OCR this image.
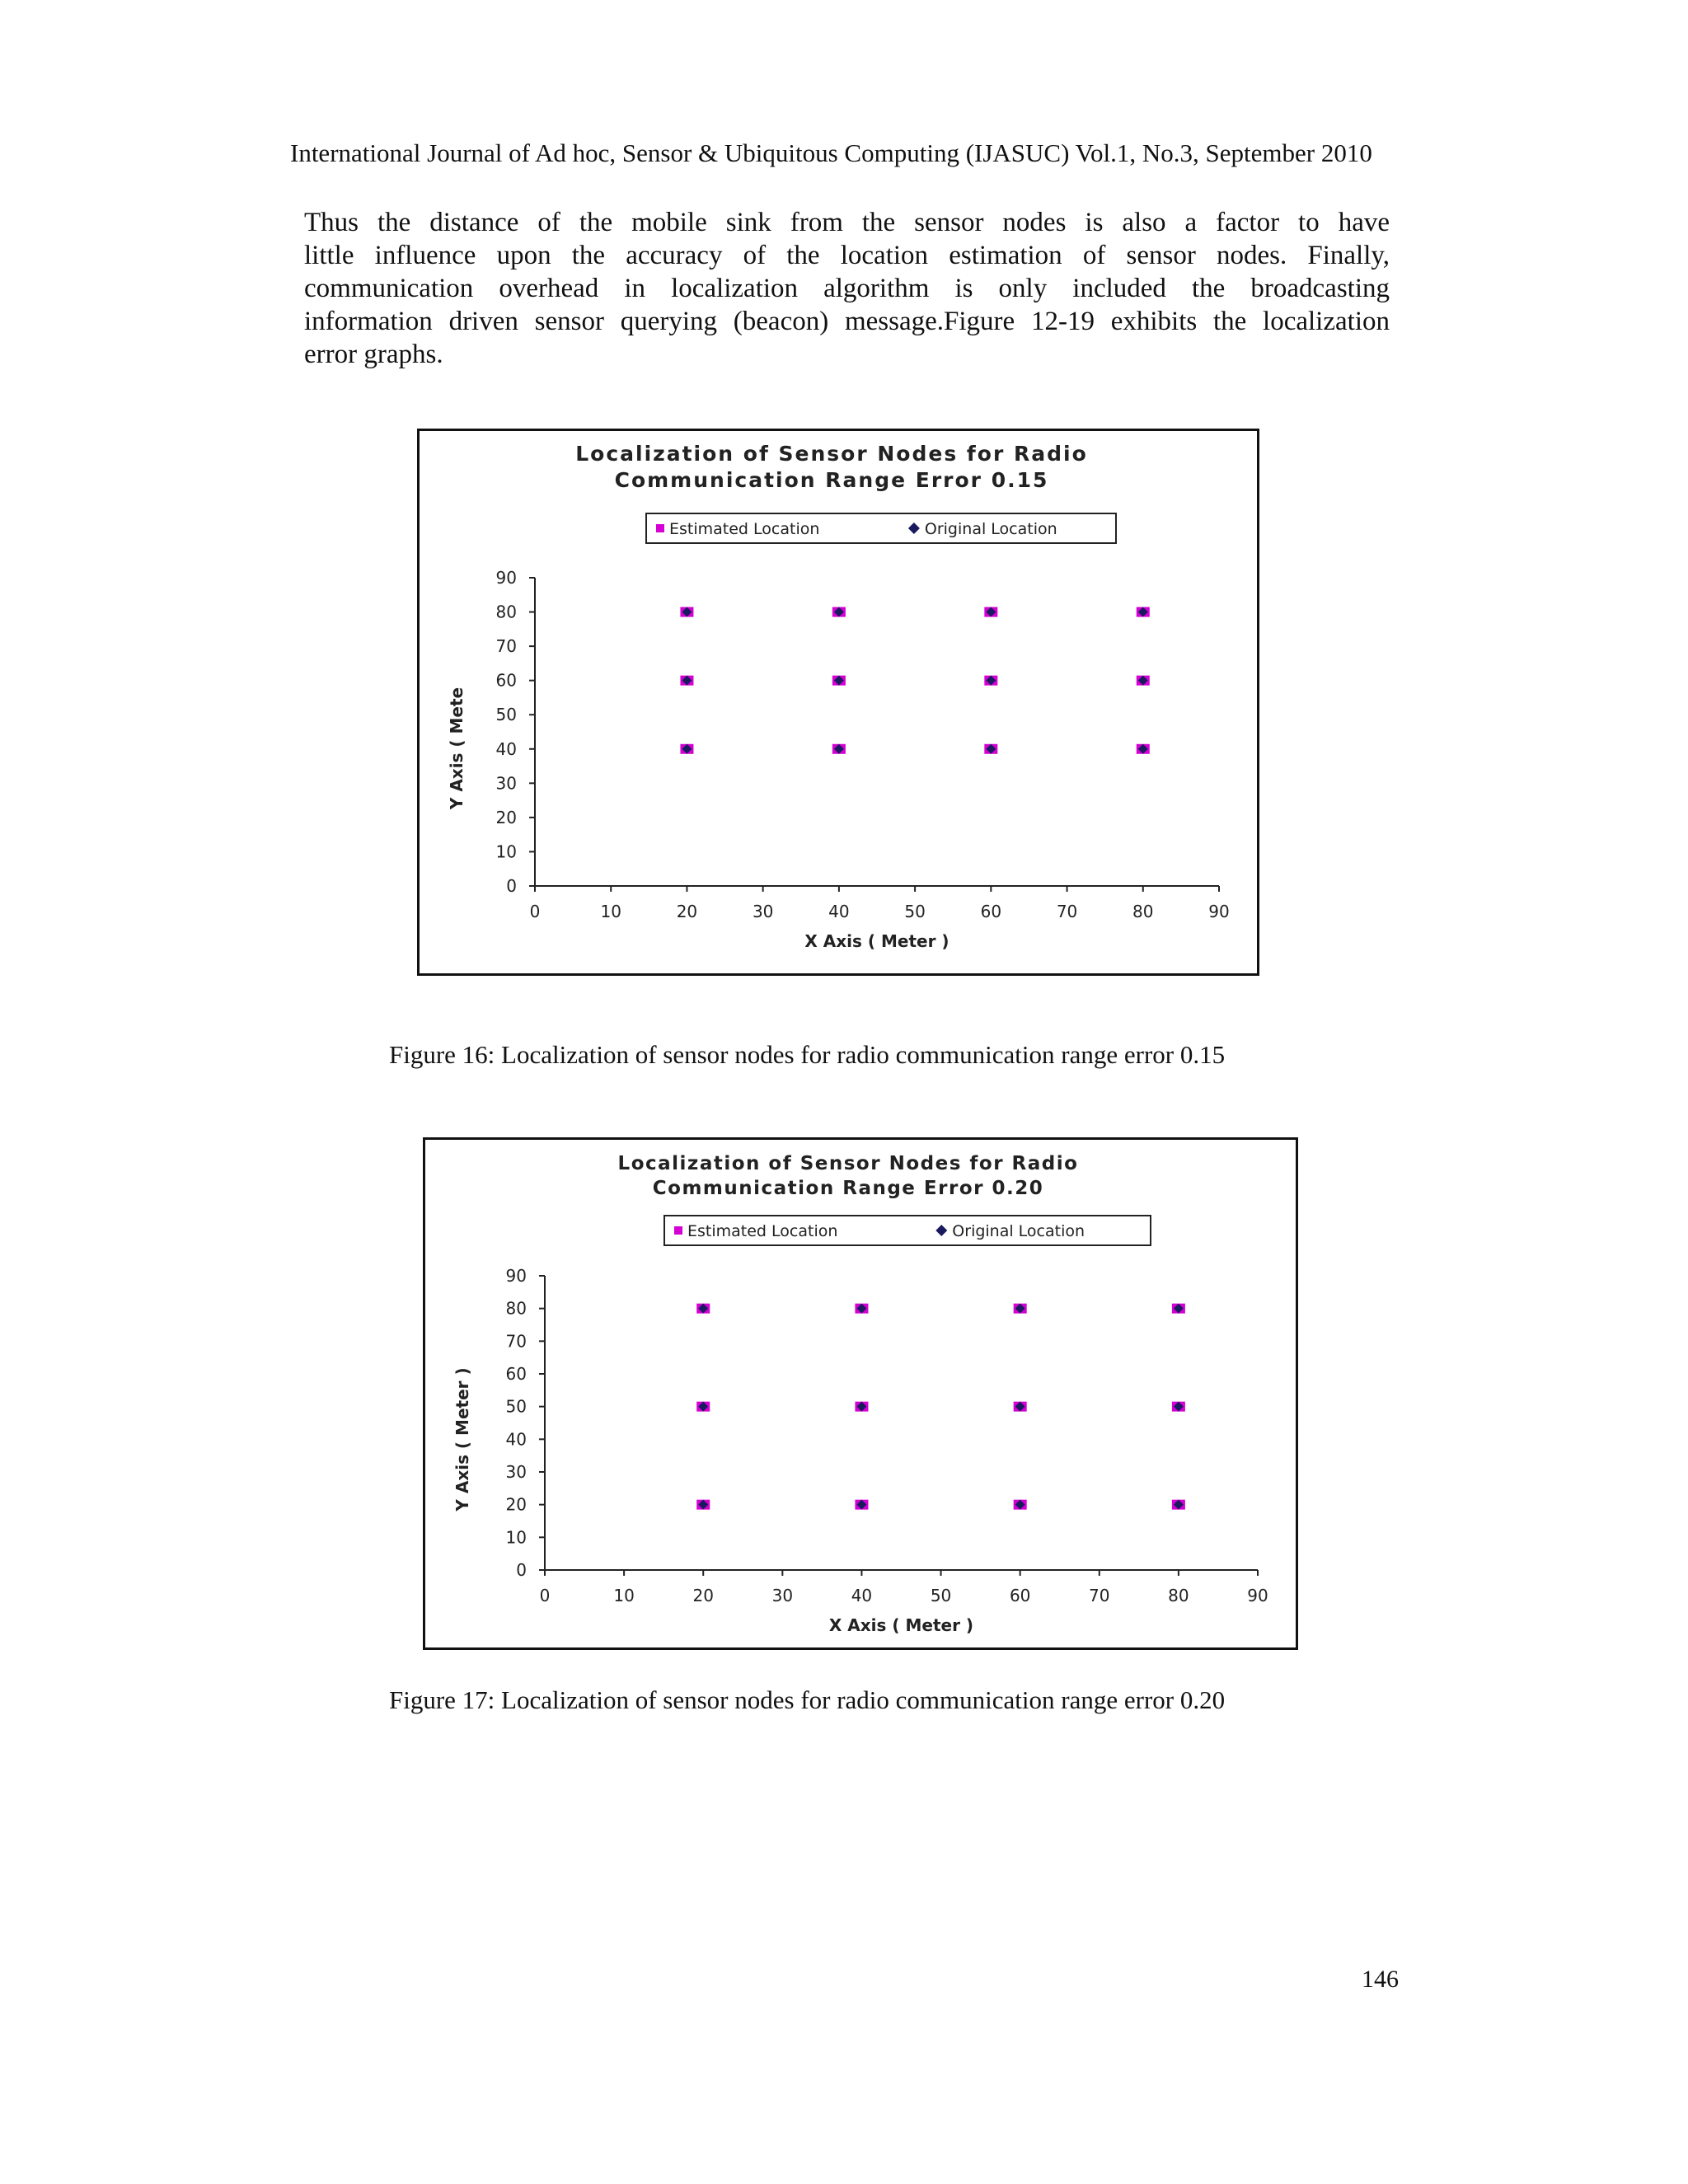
International Journal of Ad hoc, Sensor & Ubiquitous Computing (IJASUC) Vol.1, No.3, September 2010
Thus the distance of the mobile sink from the sensor nodes is also a factor to have
little influence upon the accuracy of the location estimation of sensor nodes. Finally,
communication overhead in localization algorithm is only included the broadcasting
information driven sensor querying (beacon) message.Figure 12-19 exhibits the localization
error graphs.
Localization of Sensor Nodes for Radio
Communication Range Error 0.15
Estimated Location	Original Location
0	10	20	30	40	50	60	70	80	90
0
10
20
30
40
50
60
70
80
90
X Axis ( Meter )
Y Axis ( Mete
Figure 16: Localization of sensor nodes for radio communication range error 0.15
Localization of Sensor Nodes for Radio
Communication Range Error 0.20
Estimated Location	Original Location
0	10	20	30	40	50	60	70	80	90
0
10
20
30
40
50
60
70
80
90
X Axis ( Meter )
Y Axis ( Meter )
Figure 17: Localization of sensor nodes for radio communication range error 0.20
146
